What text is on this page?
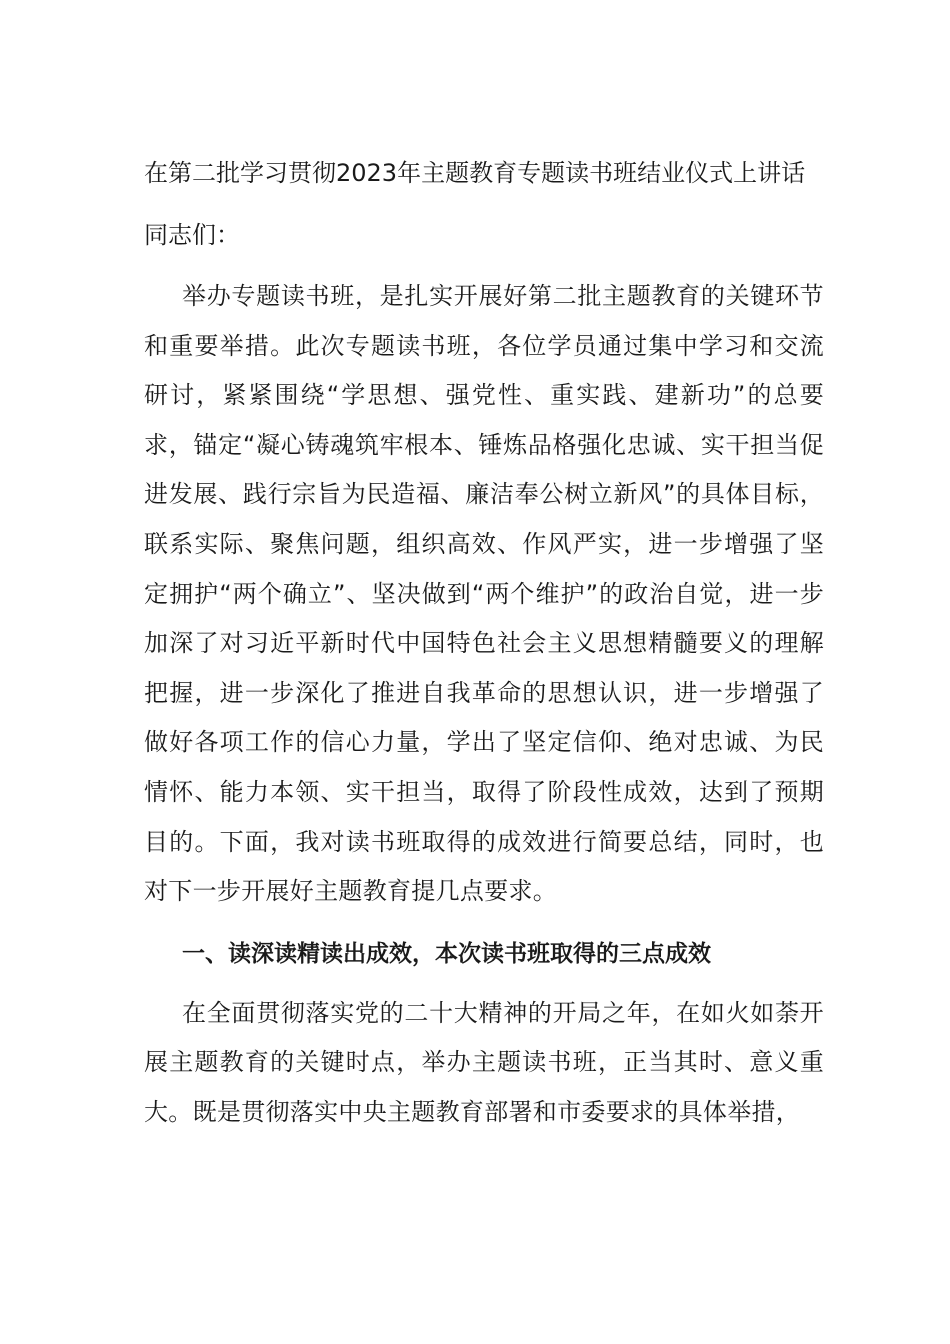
在第二批学习贯彻2023年主题教育专题读书班结业仪式上讲话

同志们：

举办专题读书班，是扎实开展好第二批主题教育的关键环节和重要举措。此次专题读书班，各位学员通过集中学习和交流研讨，紧紧围绕“学思想、强党性、重实践、建新功”的总要求，锚定“凝心铸魂筑牢根本、锤炼品格强化忠诚、实干担当促进发展、践行宗旨为民造福、廉洁奉公树立新风”的具体目标，联系实际、聚焦问题，组织高效、作风严实，进一步增强了坚定拥护“两个确立”、坚决做到“两个维护”的政治自觉，进一步加深了对习近平新时代中国特色社会主义思想精髓要义的理解把握，进一步深化了推进自我革命的思想认识，进一步增强了做好各项工作的信心力量，学出了坚定信仰、绝对忠诚、为民情怀、能力本领、实干担当，取得了阶段性成效，达到了预期目的。下面，我对读书班取得的成效进行简要总结，同时，也对下一步开展好主题教育提几点要求。

一、读深读精读出成效，本次读书班取得的三点成效

在全面贯彻落实党的二十大精神的开局之年，在如火如荼开展主题教育的关键时点，举办主题读书班，正当其时、意义重大。既是贯彻落实中央主题教育部署和市委要求的具体举措，
